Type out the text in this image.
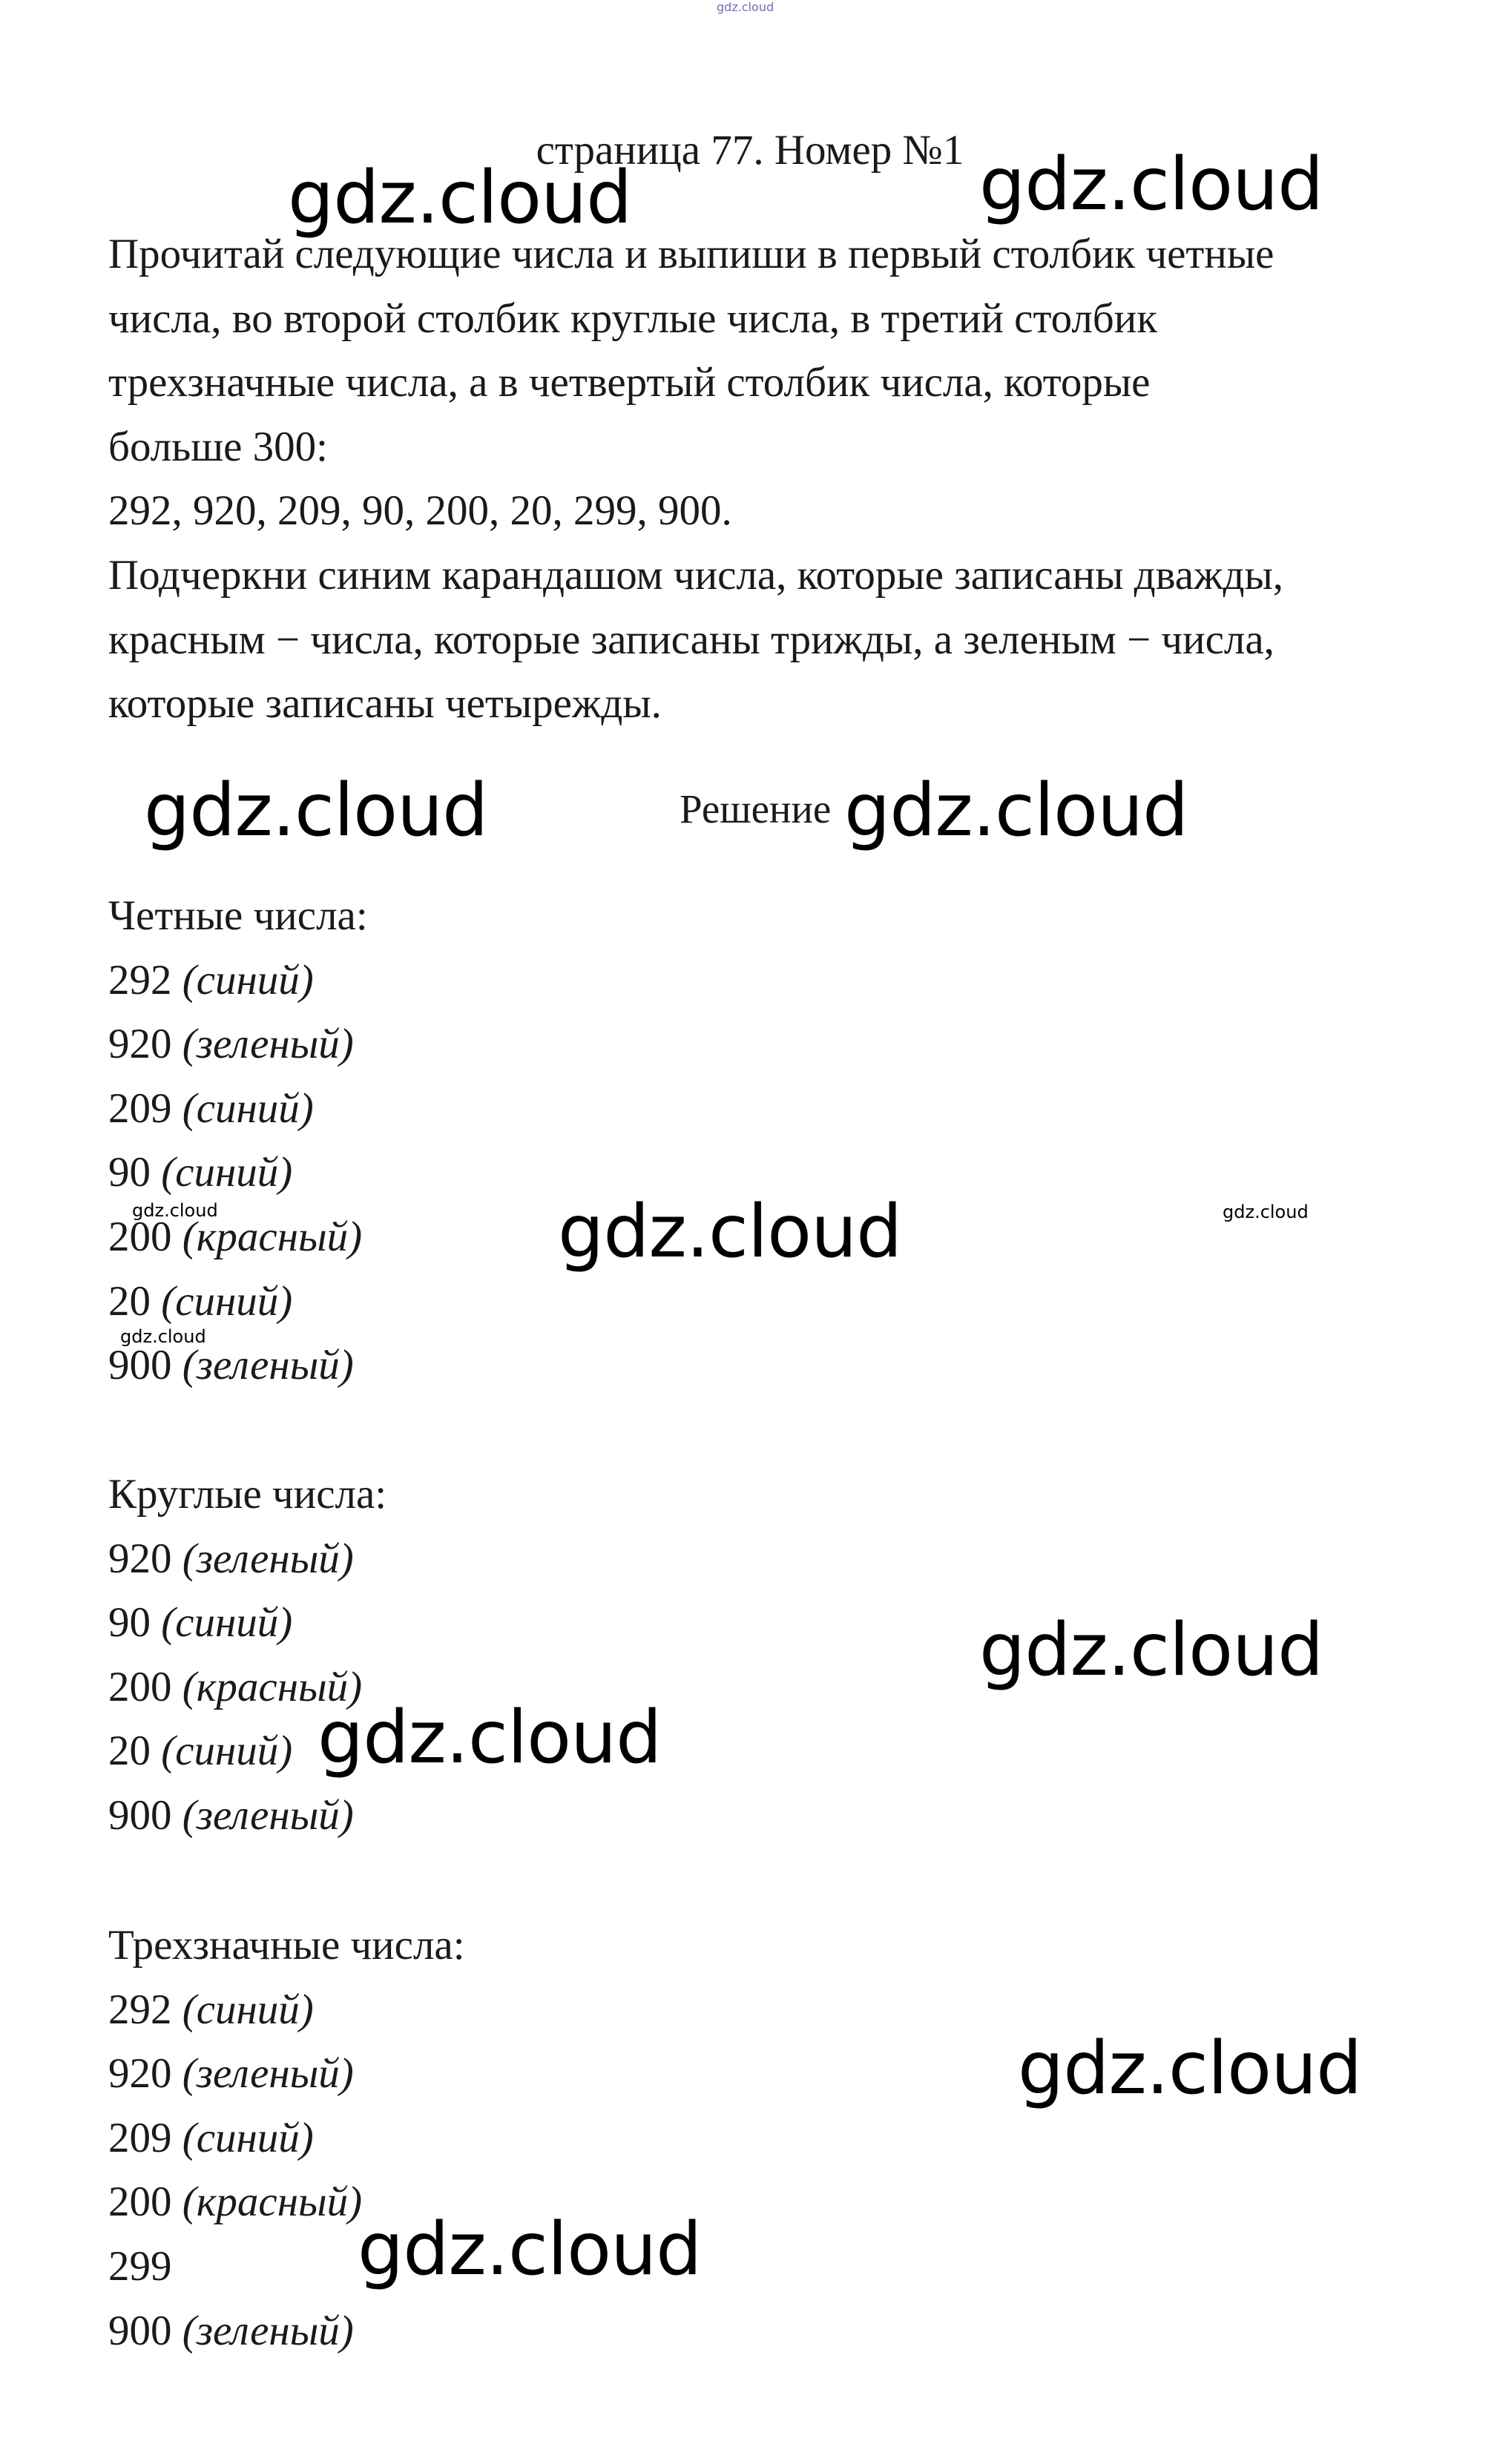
страница 77. Номер №1
Прочитай следующие числа и выпиши в первый столбик четные
числа, во второй столбик круглые числа, в третий столбик
трехзначные числа, а в четвертый столбик числа, которые
больше 300:
292, 920, 209, 90, 200, 20, 299, 900.
Подчеркни синим карандашом числа, которые записаны дважды,
красным − числа, которые записаны трижды, а зеленым − числа,
которые записаны четырежды.
Решение
Четные числа:
292 (синий)
920 (зеленый)
209 (синий)
90 (синий)
200 (красный)
20 (синий)
900 (зеленый)
Круглые числа:
920 (зеленый)
90 (синий)
200 (красный)
20 (синий)
900 (зеленый)
Трехзначные числа:
292 (синий)
920 (зеленый)
209 (синий)
200 (красный)
299
900 (зеленый)
gdz.cloud
gdz.cloud	gdz.cloud
gdz.cloud	gdz.cloud
gdz.cloud	gdz.cloud	gdz.cloud
gdz.cloud
gdz.cloud
gdz.cloud
gdz.cloud
gdz.cloud
